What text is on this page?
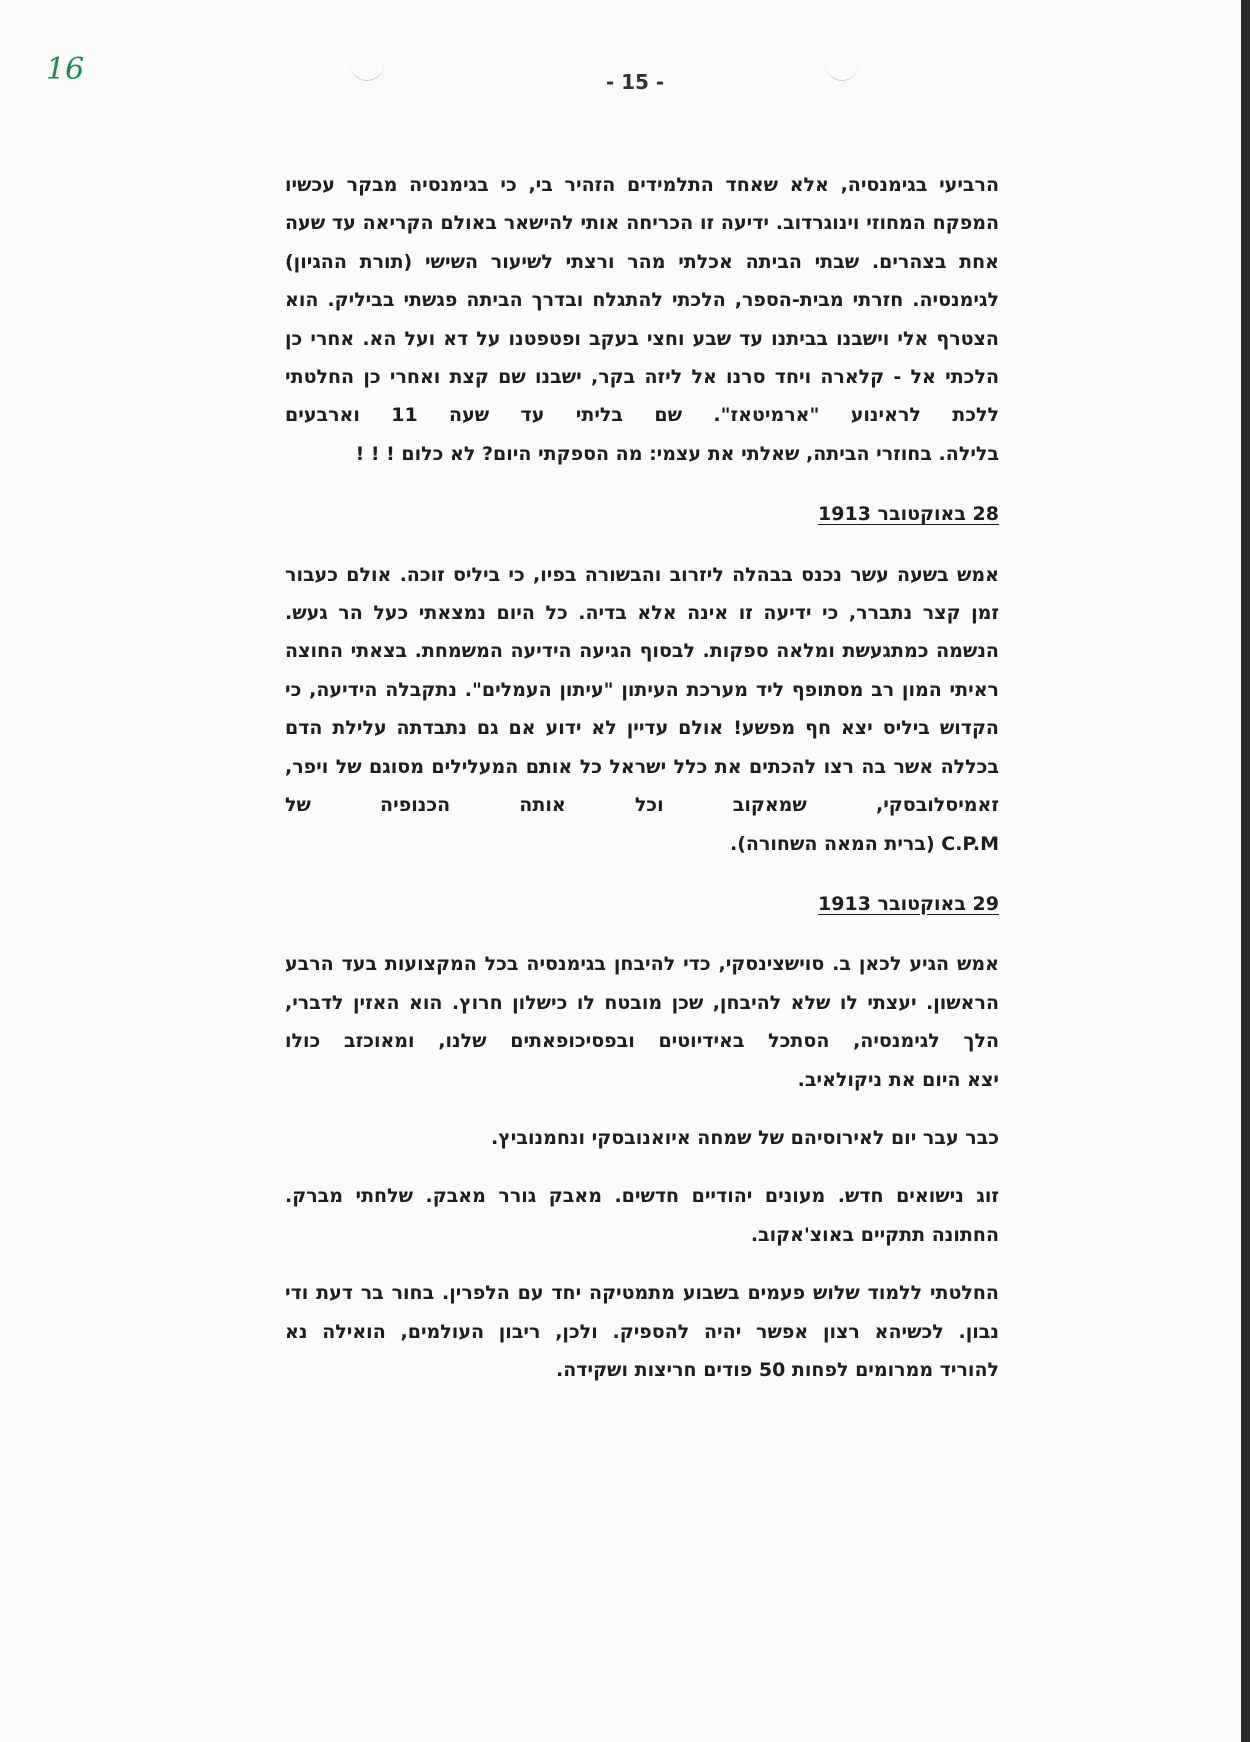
16	- 15 -

הרביעי בגימנסיה, אלא שאחד התלמידים הזהיר בי, כי בגימנסיה מבקר עכשיו המפקח המחוזי וינוגרדוב. ידיעה זו הכריחה אותי להישאר באולם הקריאה עד שעה אחת בצהרים. שבתי הביתה אכלתי מהר ורצתי לשיעור השישי (תורת ההגיון) לגימנסיה. חזרתי מבית-הספר, הלכתי להתגלח ובדרך הביתה פגשתי בביליק. הוא הצטרף אלי וישבנו בביתנו עד שבע וחצי בעקב ופטפטנו על דא ועל הא. אחרי כן הלכתי אל - קלארה ויחד סרנו אל ליזה בקר, ישבנו שם קצת ואחרי כן החלטתי ללכת לראינוע "ארמיטאז". שם בליתי עד שעה 11 וארבעים

בלילה. בחוזרי הביתה, שאלתי את עצמי: מה הספקתי היום? לא כלום ! ! !

28 באוקטובר 1913

אמש בשעה עשר נכנס בבהלה ליזרוב והבשורה בפיו, כי ביליס זוכה. אולם כעבור זמן קצר נתברר, כי ידיעה זו אינה אלא בדיה. כל היום נמצאתי כעל הר געש. הנשמה כמתגעשת ומלאה ספקות. לבסוף הגיעה הידיעה המשמחת. בצאתי החוצה ראיתי המון רב מסתופף ליד מערכת העיתון "עיתון העמלים". נתקבלה הידיעה, כי הקדוש ביליס יצא חף מפשע! אולם עדיין לא ידוע אם גם נתבדתה עלילת הדם בכללה אשר בה רצו להכתים את כלל ישראל כל אותם המעלילים מסוגם של ויפר, זאמיסלובסקי, שמאקוב וכל אותה הכנופיה של

C.P.M (ברית המאה השחורה).

29 באוקטובר 1913

אמש הגיע לכאן ב. סוישצינסקי, כדי להיבחן בגימנסיה בכל המקצועות בעד הרבע הראשון. יעצתי לו שלא להיבחן, שכן מובטח לו כישלון חרוץ. הוא האזין לדברי, הלך לגימנסיה, הסתכל באידיוטים ובפסיכופאתים שלנו, ומאוכזב כולו

יצא היום את ניקולאיב.

כבר עבר יום לאירוסיהם של שמחה איואנובסקי ונחמנוביץ.

זוג נישואים חדש. מעונים יהודיים חדשים. מאבק גורר מאבק. שלחתי מברק.

החתונה תתקיים באוצ'אקוב.

החלטתי ללמוד שלוש פעמים בשבוע מתמטיקה יחד עם הלפרין. בחור בר דעת ודי נבון. לכשיהא רצון אפשר יהיה להספיק. ולכן, ריבון העולמים, הואילה נא

להוריד ממרומים לפחות 50 פודים חריצות ושקידה.
